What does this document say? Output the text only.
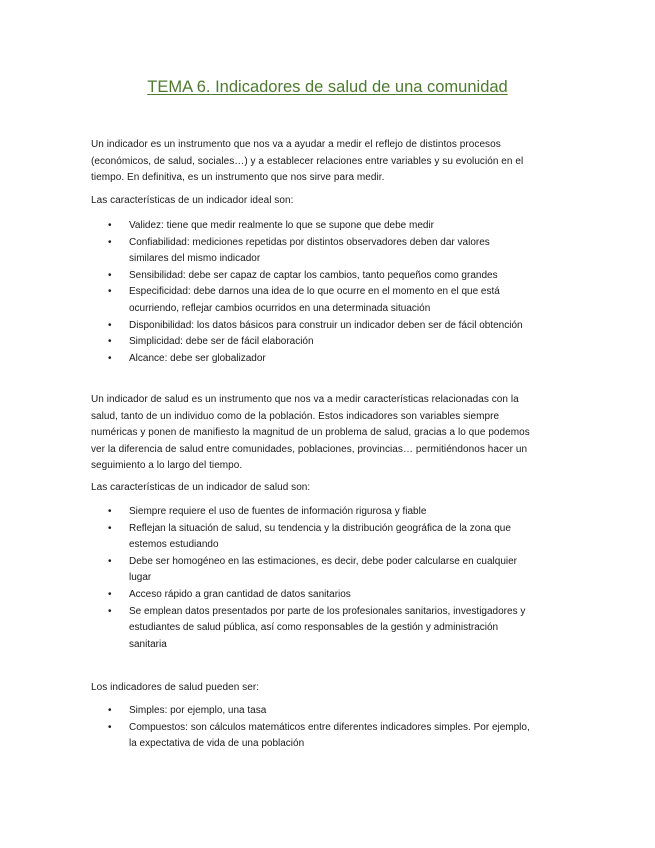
TEMA 6. Indicadores de salud de una comunidad

Un indicador es un instrumento que nos va a ayudar a medir el reflejo de distintos procesos
(económicos, de salud, sociales…) y a establecer relaciones entre variables y su evolución en el
tiempo. En definitiva, es un instrumento que nos sirve para medir.

Las características de un indicador ideal son:

• Validez: tiene que medir realmente lo que se supone que debe medir
• Confiabilidad: mediciones repetidas por distintos observadores deben dar valores
similares del mismo indicador
• Sensibilidad: debe ser capaz de captar los cambios, tanto pequeños como grandes
• Especificidad: debe darnos una idea de lo que ocurre en el momento en el que está
ocurriendo, reflejar cambios ocurridos en una determinada situación
• Disponibilidad: los datos básicos para construir un indicador deben ser de fácil obtención
• Simplicidad: debe ser de fácil elaboración
• Alcance: debe ser globalizador

Un indicador de salud es un instrumento que nos va a medir características relacionadas con la
salud, tanto de un individuo como de la población. Estos indicadores son variables siempre
numéricas y ponen de manifiesto la magnitud de un problema de salud, gracias a lo que podemos
ver la diferencia de salud entre comunidades, poblaciones, provincias… permitiéndonos hacer un
seguimiento a lo largo del tiempo.

Las características de un indicador de salud son:

• Siempre requiere el uso de fuentes de información rigurosa y fiable
• Reflejan la situación de salud, su tendencia y la distribución geográfica de la zona que
estemos estudiando
• Debe ser homogéneo en las estimaciones, es decir, debe poder calcularse en cualquier
lugar
• Acceso rápido a gran cantidad de datos sanitarios
• Se emplean datos presentados por parte de los profesionales sanitarios, investigadores y
estudiantes de salud pública, así como responsables de la gestión y administración
sanitaria

Los indicadores de salud pueden ser:

• Simples: por ejemplo, una tasa
• Compuestos: son cálculos matemáticos entre diferentes indicadores simples. Por ejemplo,
la expectativa de vida de una población
